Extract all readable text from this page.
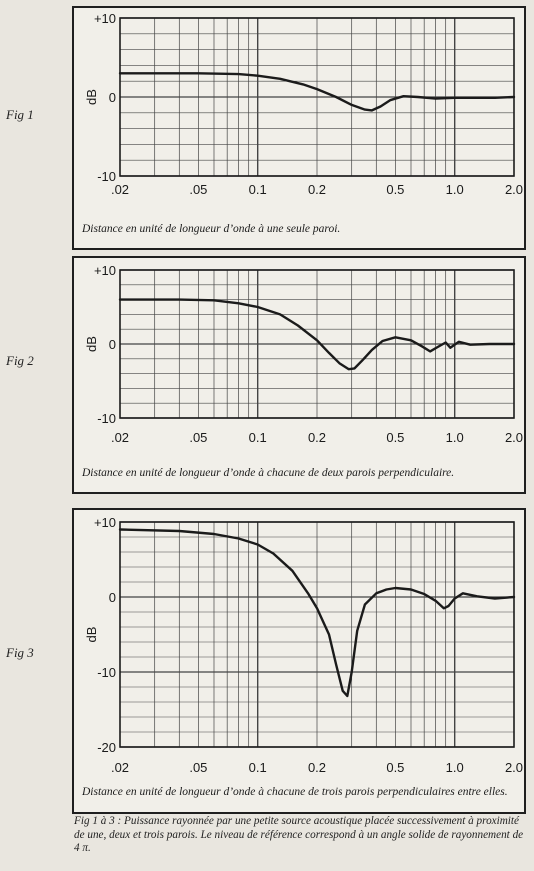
Fig 1
+10
0
-10
dB
.02	.05	0.1	0.2	0.5	1.0	2.0
Distance en unité de longueur d’onde à une seule paroi.
Fig 2
+10
0
-10
dB
.02	.05	0.1	0.2	0.5	1.0	2.0
Distance en unité de longueur d’onde à chacune de deux parois perpendiculaire.
Fig 3
+10
0
-10
-20
dB
.02	.05	0.1	0.2	0.5	1.0	2.0
Distance en unité de longueur d’onde à chacune de trois parois perpendiculaires entre elles.
Fig 1 à 3 : Puissance rayonnée par une petite source acoustique placée successivement à proximité de une, deux et trois parois. Le niveau de référence correspond à un angle solide de rayonnement de 4 π.
